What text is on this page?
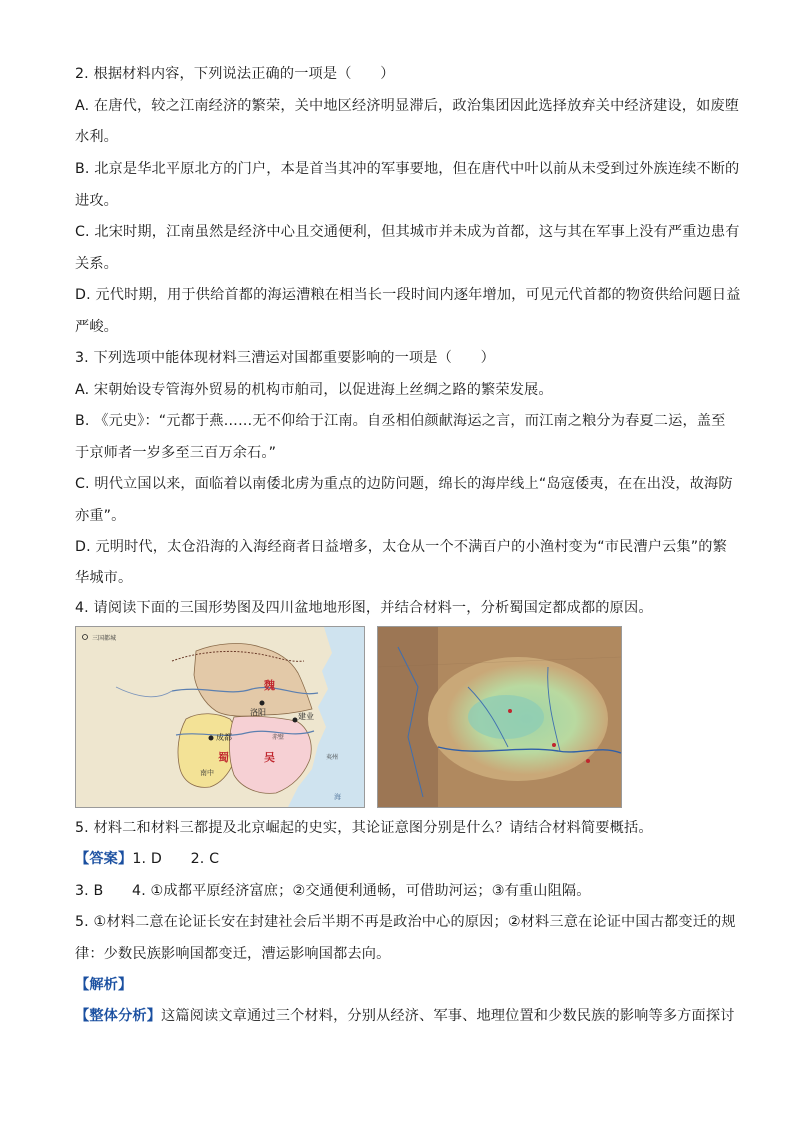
2. 根据材料内容，下列说法正确的一项是（　　）
A. 在唐代，较之江南经济的繁荣，关中地区经济明显滞后，政治集团因此选择放弃关中经济建设，如废堕
水利。
B. 北京是华北平原北方的门户，本是首当其冲的军事要地，但在唐代中叶以前从未受到过外族连续不断的
进攻。
C. 北宋时期，江南虽然是经济中心且交通便利，但其城市并未成为首都，这与其在军事上没有严重边患有
关系。
D. 元代时期，用于供给首都的海运漕粮在相当长一段时间内逐年增加，可见元代首都的物资供给问题日益
严峻。
3. 下列选项中能体现材料三漕运对国都重要影响的一项是（　　）
A. 宋朝始设专管海外贸易的机构市舶司，以促进海上丝绸之路的繁荣发展。
B. 《元史》：“元都于燕……无不仰给于江南。自丞相伯颜献海运之言，而江南之粮分为春夏二运，盖至
于京师者一岁多至三百万余石。”
C. 明代立国以来，面临着以南倭北虏为重点的边防问题，绵长的海岸线上“岛寇倭夷，在在出没，故海防
亦重”。
D. 元明时代，太仓沿海的入海经商者日益增多，太仓从一个不满百户的小渔村变为“市民漕户云集”的繁
华城市。
4. 请阅读下面的三国形势图及四川盆地地形图，并结合材料一，分析蜀国定都成都的原因。
三国都城
魏
洛阳
成都
建业
蜀	吴
赤壁
南中
夷州
海
5. 材料二和材料三都提及北京崛起的史实，其论证意图分别是什么？请结合材料简要概括。
【答案】1. D　　2. C
3. B　　4. ①成都平原经济富庶；②交通便利通畅，可借助河运；③有重山阻隔。
5. ①材料二意在论证长安在封建社会后半期不再是政治中心的原因；②材料三意在论证中国古都变迁的规
律：少数民族影响国都变迁，漕运影响国都去向。
【解析】
【整体分析】这篇阅读文章通过三个材料，分别从经济、军事、地理位置和少数民族的影响等多方面探讨
